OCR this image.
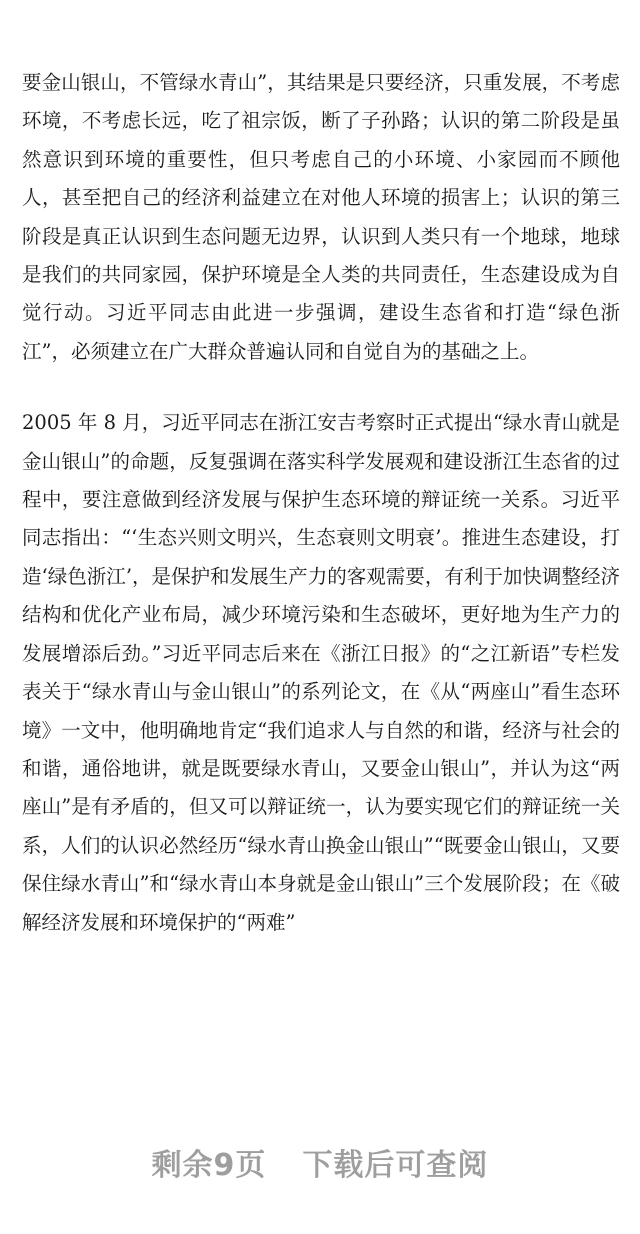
要金山银山，不管绿水青山”，其结果是只要经济，只重发展，不考虑环境，不考虑长远，吃了祖宗饭，断了子孙路；认识的第二阶段是虽然意识到环境的重要性，但只考虑自己的小环境、小家园而不顾他人，甚至把自己的经济利益建立在对他人环境的损害上；认识的第三阶段是真正认识到生态问题无边界，认识到人类只有一个地球，地球是我们的共同家园，保护环境是全人类的共同责任，生态建设成为自觉行动。习近平同志由此进一步强调，建设生态省和打造“绿色浙江”，必须建立在广大群众普遍认同和自觉自为的基础之上。

2005 年 8 月，习近平同志在浙江安吉考察时正式提出“绿水青山就是金山银山”的命题，反复强调在落实科学发展观和建设浙江生态省的过程中，要注意做到经济发展与保护生态环境的辩证统一关系。习近平同志指出：“‘生态兴则文明兴，生态衰则文明衰’。推进生态建设，打造‘绿色浙江’，是保护和发展生产力的客观需要，有利于加快调整经济结构和优化产业布局，减少环境污染和生态破坏，更好地为生产力的发展增添后劲。”习近平同志后来在《浙江日报》的“之江新语”专栏发表关于“绿水青山与金山银山”的系列论文，在《从“两座山”看生态环境》一文中，他明确地肯定“我们追求人与自然的和谐，经济与社会的和谐，通俗地讲，就是既要绿水青山，又要金山银山”，并认为这“两座山”是有矛盾的，但又可以辩证统一，认为要实现它们的辩证统一关系，人们的认识必然经历“绿水青山换金山银山”“既要金山银山，又要保住绿水青山”和“绿水青山本身就是金山银山”三个发展阶段；在《破解经济发展和环境保护的“两难”

剩余9页 下载后可查阅
